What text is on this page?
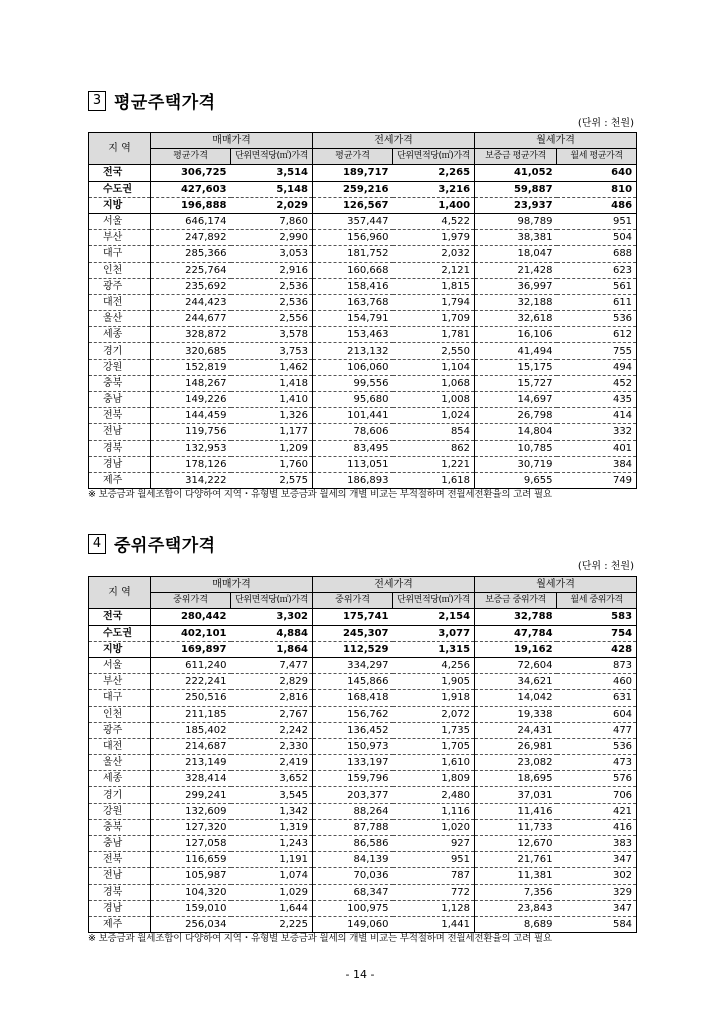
3 평균주택가격
(단위 : 천원)
지 역	매매가격		전세가격		월세가격	
	평균가격	단위면적당(㎡)가격	평균가격	단위면적당(㎡)가격	보증금 평균가격	월세 평균가격
전국	306,725	3,514	189,717	2,265	41,052	640
수도권	427,603	5,148	259,216	3,216	59,887	810
지방	196,888	2,029	126,567	1,400	23,937	486
서울	646,174	7,860	357,447	4,522	98,789	951
부산	247,892	2,990	156,960	1,979	38,381	504
대구	285,366	3,053	181,752	2,032	18,047	688
인천	225,764	2,916	160,668	2,121	21,428	623
광주	235,692	2,536	158,416	1,815	36,997	561
대전	244,423	2,536	163,768	1,794	32,188	611
울산	244,677	2,556	154,791	1,709	32,618	536
세종	328,872	3,578	153,463	1,781	16,106	612
경기	320,685	3,753	213,132	2,550	41,494	755
강원	152,819	1,462	106,060	1,104	15,175	494
충북	148,267	1,418	99,556	1,068	15,727	452
충남	149,226	1,410	95,680	1,008	14,697	435
전북	144,459	1,326	101,441	1,024	26,798	414
전남	119,756	1,177	78,606	854	14,804	332
경북	132,953	1,209	83,495	862	10,785	401
경남	178,126	1,760	113,051	1,221	30,719	384
제주	314,222	2,575	186,893	1,618	9,655	749
※ 보증금과 월세조합이 다양하여 지역・유형별 보증금과 월세의 개별 비교는 부적절하며 전월세전환율의 고려 필요
4 중위주택가격
(단위 : 천원)
지 역	매매가격		전세가격		월세가격	
	중위가격	단위면적당(㎡)가격	중위가격	단위면적당(㎡)가격	보증금 중위가격	월세 중위가격
전국	280,442	3,302	175,741	2,154	32,788	583
수도권	402,101	4,884	245,307	3,077	47,784	754
지방	169,897	1,864	112,529	1,315	19,162	428
서울	611,240	7,477	334,297	4,256	72,604	873
부산	222,241	2,829	145,866	1,905	34,621	460
대구	250,516	2,816	168,418	1,918	14,042	631
인천	211,185	2,767	156,762	2,072	19,338	604
광주	185,402	2,242	136,452	1,735	24,431	477
대전	214,687	2,330	150,973	1,705	26,981	536
울산	213,149	2,419	133,197	1,610	23,082	473
세종	328,414	3,652	159,796	1,809	18,695	576
경기	299,241	3,545	203,377	2,480	37,031	706
강원	132,609	1,342	88,264	1,116	11,416	421
충북	127,320	1,319	87,788	1,020	11,733	416
충남	127,058	1,243	86,586	927	12,670	383
전북	116,659	1,191	84,139	951	21,761	347
전남	105,987	1,074	70,036	787	11,381	302
경북	104,320	1,029	68,347	772	7,356	329
경남	159,010	1,644	100,975	1,128	23,843	347
제주	256,034	2,225	149,060	1,441	8,689	584
※ 보증금과 월세조합이 다양하여 지역・유형별 보증금과 월세의 개별 비교는 부적절하며 전월세전환율의 고려 필요
- 14 -
